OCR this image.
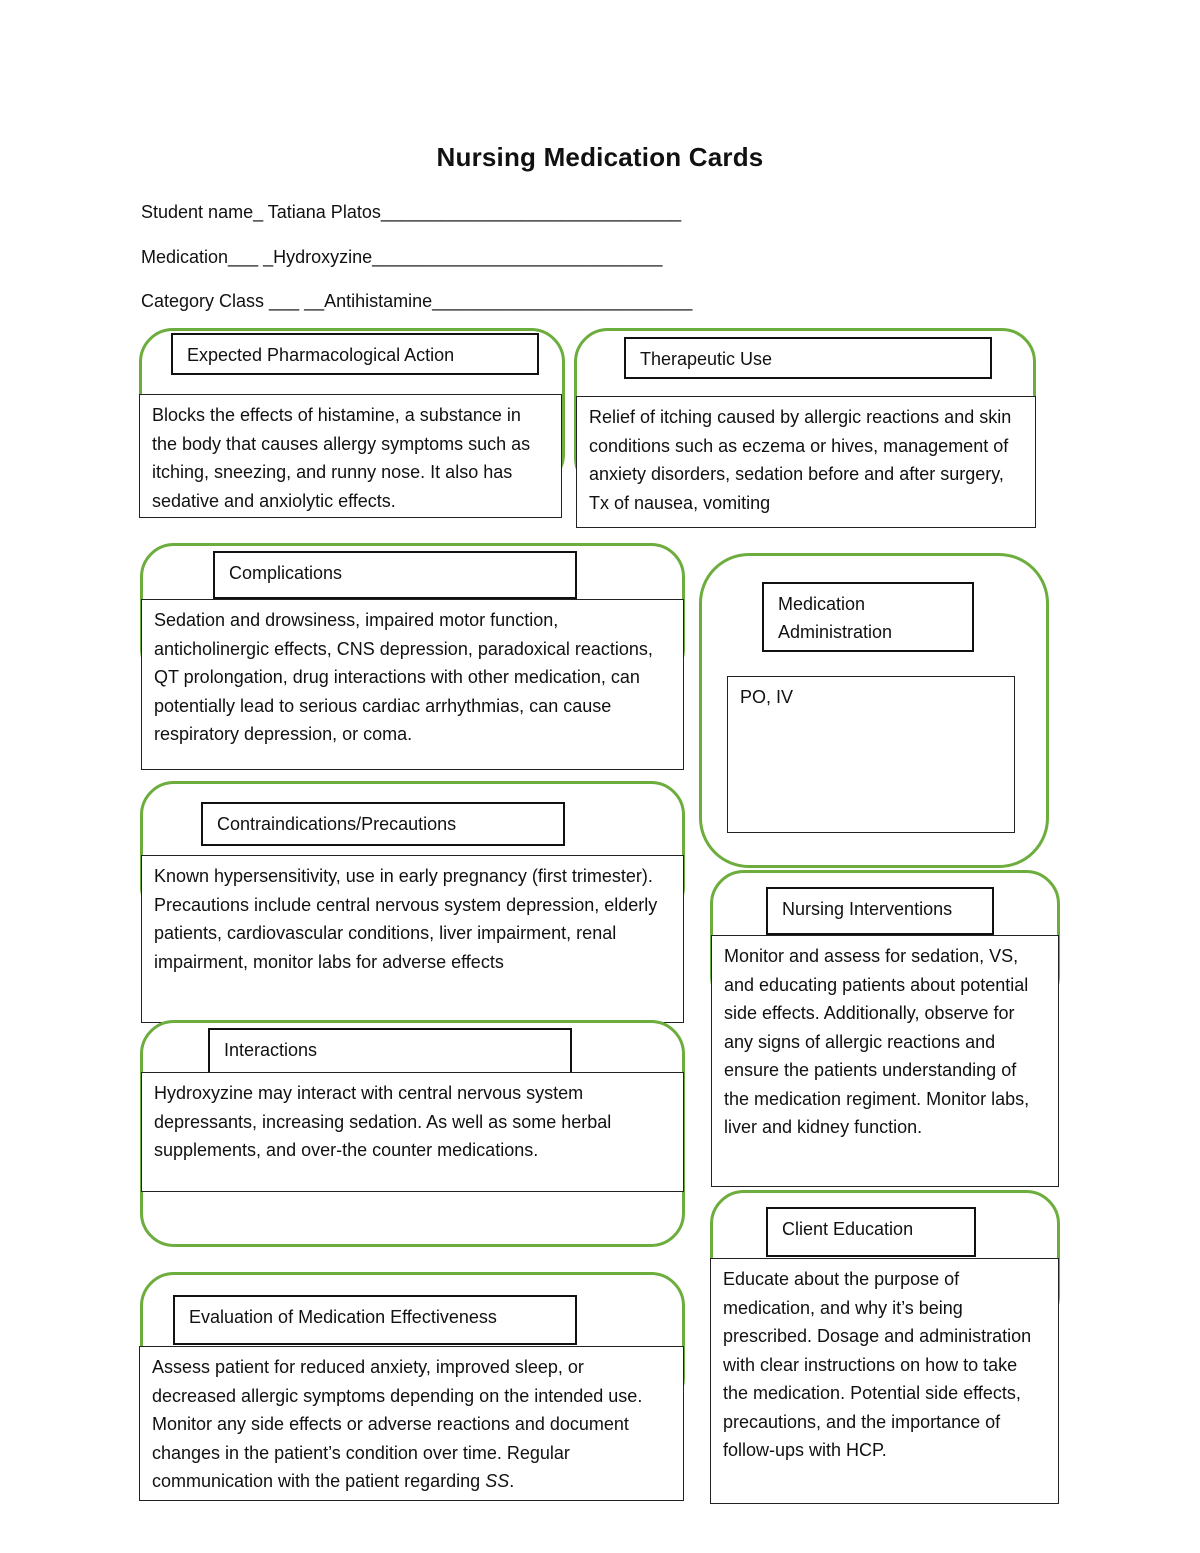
Nursing Medication Cards
Student name_ Tatiana Platos______________________________
Medication___ _Hydroxyzine_____________________________
Category Class ___ __Antihistamine__________________________
Expected Pharmacological Action
Blocks the effects of histamine, a substance in the body that causes allergy symptoms such as itching, sneezing, and runny nose. It also has sedative and anxiolytic effects.
Therapeutic Use
Relief of itching caused by allergic reactions and skin conditions such as eczema or hives, management of anxiety disorders, sedation before and after surgery, Tx of nausea, vomiting
Complications
Sedation and drowsiness, impaired motor function, anticholinergic effects, CNS depression, paradoxical reactions, QT prolongation, drug interactions with other medication, can potentially lead to serious cardiac arrhythmias, can cause respiratory depression, or coma.
Medication Administration
PO, IV
Contraindications/Precautions
Known hypersensitivity, use in early pregnancy (first trimester). Precautions include central nervous system depression, elderly patients, cardiovascular conditions, liver impairment, renal impairment, monitor labs for adverse effects
Interactions
Hydroxyzine may interact with central nervous system depressants, increasing sedation. As well as some herbal supplements, and over-the counter medications.
Nursing Interventions
Monitor and assess for sedation, VS, and educating patients about potential side effects. Additionally, observe for any signs of allergic reactions and ensure the patients understanding of the medication regiment. Monitor labs, liver and kidney function.
Client Education
Educate about the purpose of medication, and why it’s being prescribed. Dosage and administration with clear instructions on how to take the medication. Potential side effects, precautions, and the importance of follow-ups with HCP.
Evaluation of Medication Effectiveness
Assess patient for reduced anxiety, improved sleep, or decreased allergic symptoms depending on the intended use. Monitor any side effects or adverse reactions and document changes in the patient’s condition over time. Regular communication with the patient regarding SS.
